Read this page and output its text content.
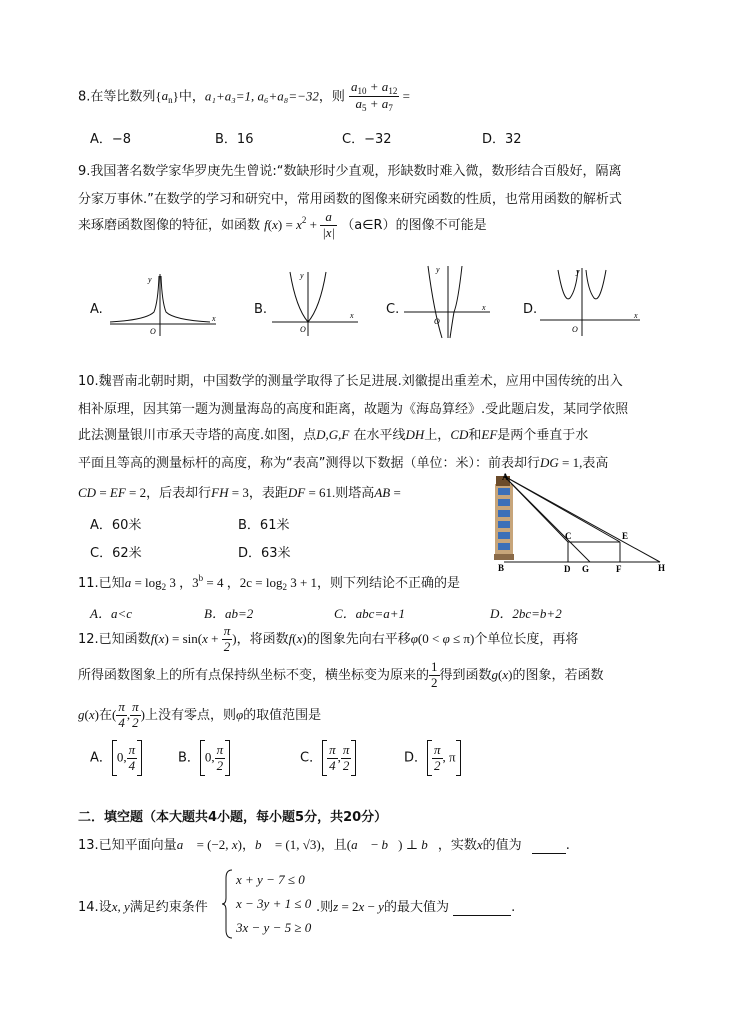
8.在等比数列$\{a_n\}$中，a₁+a₃=1, a₆+a₈=−32，则 $\frac{a_{10} + a_{12}}{a_5 + a_7}$ =
A．−8	B．16	C．−32	D．32
9.我国著名数学家华罗庚先生曾说:“数缺形时少直观，形缺数时难入微，数形结合百般好，隔离
分家万事休.”在数学的学习和研究中，常用函数的图像来研究函数的性质，也常用函数的解析式
来琢磨函数图像的特征，如函数 $f(x) = x^2 + \frac{a}{|x|}$ （a∈R）的图像不可能是
A.
y
x
O
B.
y
x
O
C.
y
x
O
D.
y
x
O
10.魏晋南北朝时期，中国数学的测量学取得了长足进展.刘徽提出重差术，应用中国传统的出入
相补原理，因其第一题为测量海岛的高度和距离，故题为《海岛算经》.受此题启发，某同学依照
此法测量银川市承天寺塔的高度.如图，点D,G,F 在水平线DH上，CD和EF是两个垂直于水
平面且等高的测量标杆的高度，称为“表高”测得以下数据（单位：米）：前表却行DG = 1,表高
CD = EF = 2，后表却行FH = 3，表距DF = 61.则塔高AB =
A．60米	B．61米
C．62米	D．63米
A
B
C	E
D G	F	H
11.已知$a = \log_2 3$ ，$3^b = 4$ ，$2c = \log_2 3 + 1$，则下列结论不正确的是
A．a<c	B．ab=2	C．abc=a+1	D．2bc=b+2
12.已知函数$f(x) = \sin(x + \frac{\pi}{2}$ )，将函数f(x)的图象先向右平移φ(0 < φ ≤ π)个单位长度，再将
所得函数图象上的所有点保持纵坐标不变，横坐标变为原来的 $\frac{1}{2}$ 得到函数g(x)的图象，若函数
g(x)在( $\frac{\pi}{4}$ , $\frac{\pi}{2}$ )上没有零点，则φ的取值范围是
A． 0, $\frac{\pi}{4}$	B． 0, $\frac{\pi}{2}$	C． $\frac{\pi}{4}$ , $\frac{\pi}{2}$	D． $\frac{\pi}{2}$ , π
二．填空题（本大题共4小题，每小题5分，共20分）
13.已知平面向量a⃗ = (−2, x)，b⃗ = (1, √3)，且(a⃗ − b⃗) ⊥ b⃗，实数x的值为	.
14.设x, y满足约束条件
x + y − 7 ≤ 0
x − 3y + 1 ≤ 0
3x − y − 5 ≥ 0
.则z = 2x − y的最大值为	.
